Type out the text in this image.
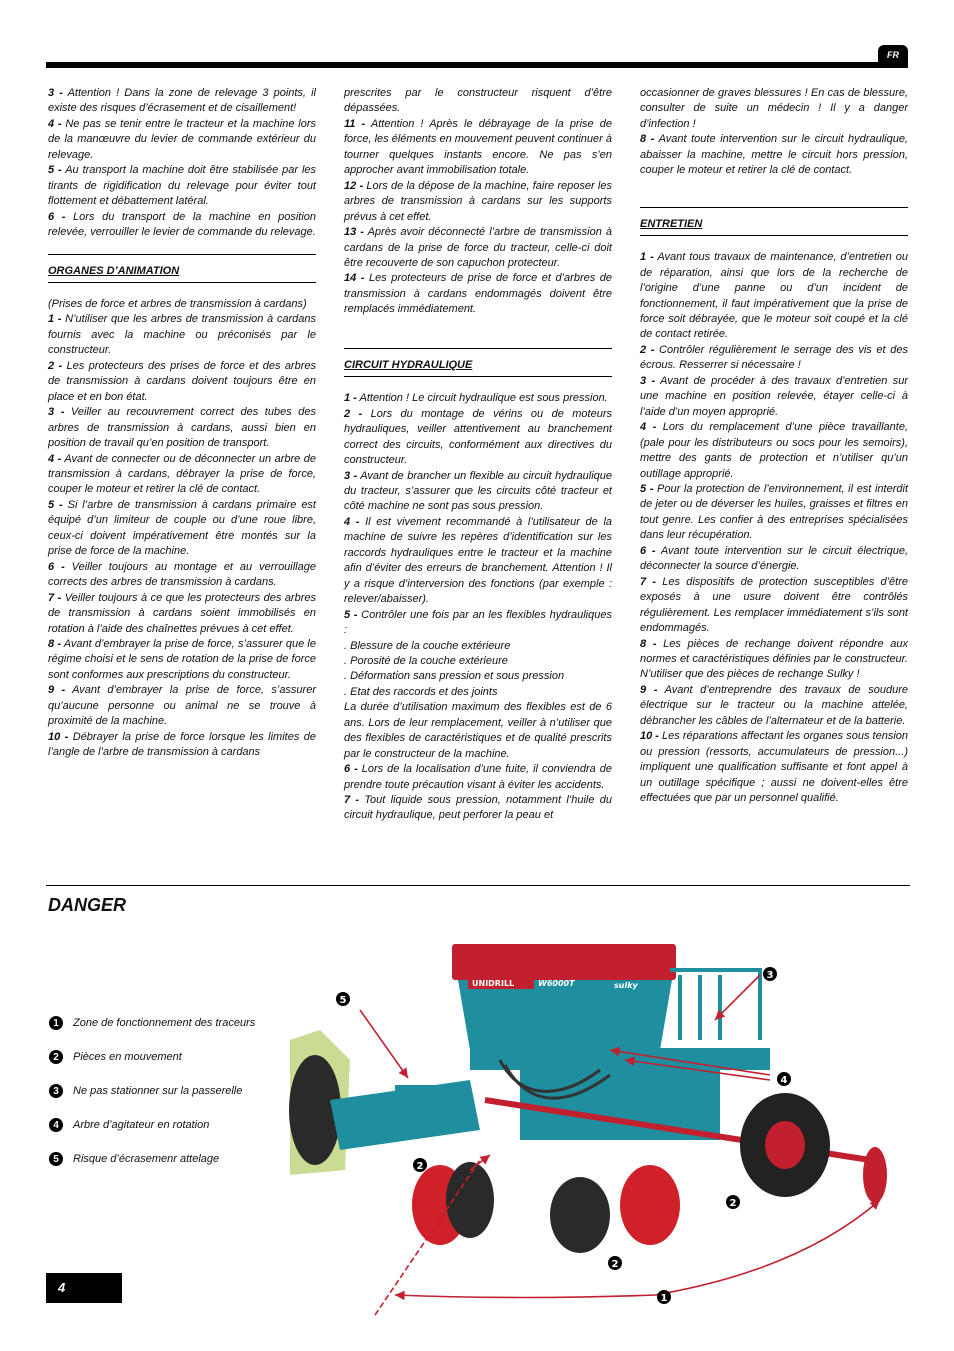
FR

3 - Attention ! Dans la zone de relevage 3 points, il existe des risques d’écrasement et de cisaillement!

4 - Ne pas se tenir entre le tracteur et la machine lors de la manœuvre du levier de commande extérieur du relevage.

5 - Au transport la machine doit être stabilisée par les tirants de rigidification du relevage pour éviter tout flottement et débattement latéral.

6 - Lors du transport de la machine en position relevée, verrouiller le levier de commande du relevage.

ORGANES D’ANIMATION

(Prises de force et arbres de transmission à cardans)

1 - N’utiliser que les arbres de transmission à cardans fournis avec la machine ou préconisés par le constructeur.

2 - Les protecteurs des prises de force et des arbres de transmission à cardans doivent toujours être en place et en bon état.

3 - Veiller au recouvrement correct des tubes des arbres de transmission à cardans, aussi bien en position de travail qu’en position de transport.

4 - Avant de connecter ou de déconnecter un arbre de transmission à cardans, débrayer la prise de force, couper le moteur et retirer la clé de contact.

5 - Si l’arbre de transmission à cardans primaire est équipé d’un limiteur de couple ou d’une roue libre, ceux-ci doivent impérativement être montés sur la prise de force de la machine.

6 - Veiller toujours au montage et au verrouillage corrects des arbres de transmission à cardans.

7 - Veiller toujours à ce que les protecteurs des arbres de transmission à cardans soient immobilisés en rotation à l’aide des chaînettes prévues à cet effet.

8 - Avant d’embrayer la prise de force, s’assurer que le régime choisi et le sens de rotation de la prise de force sont conformes aux prescriptions du constructeur.

9 - Avant d’embrayer la prise de force, s’assurer qu’aucune personne ou animal ne se trouve à proximité de la machine.

10 - Débrayer la prise de force lorsque les limites de l’angle de l’arbre de transmission à cardans

prescrites par le constructeur risquent d’être dépassées.

11 - Attention ! Après le débrayage de la prise de force, les éléments en mouvement peuvent continuer à tourner quelques instants encore. Ne pas s’en approcher avant immobilisation totale.

12 - Lors de la dépose de la machine, faire reposer les arbres de transmission à cardans sur les supports prévus à cet effet.

13 - Après avoir déconnecté l’arbre de transmission à cardans de la prise de force du tracteur, celle-ci doit être recouverte de son capuchon protecteur.

14 - Les protecteurs de prise de force et d’arbres de transmission à cardans endommagés doivent être remplacés immédiatement.

CIRCUIT HYDRAULIQUE

1 - Attention ! Le circuit hydraulique est sous pression.

2 - Lors du montage de vérins ou de moteurs hydrauliques, veiller attentivement au branchement correct des circuits, conformément aux directives du constructeur.

3 - Avant de brancher un flexible au circuit hydraulique du tracteur, s’assurer que les circuits côté tracteur et côté machine ne sont pas sous pression.

4 - Il est vivement recommandé à l’utilisateur de la machine de suivre les repères d’identification sur les raccords hydrauliques entre le tracteur et la machine afin d’éviter des erreurs de branchement. Attention ! Il y a risque d’interversion des fonctions (par exemple : relever/abaisser).

5 - Contrôler une fois par an les flexibles hydrauliques :

. Blessure de la couche extérieure

. Porosité de la couche extérieure

. Déformation sans pression et sous pression

. Etat des raccords et des joints

La durée d’utilisation maximum des flexibles est de 6 ans. Lors de leur remplacement, veiller à n’utiliser que des flexibles de caractéristiques et de qualité prescrits par le constructeur de la machine.

6 - Lors de la localisation d’une fuite, il conviendra de prendre toute précaution visant à éviter les accidents.

7 - Tout liquide sous pression, notamment l’huile du circuit hydraulique, peut perforer la peau et

occasionner de graves blessures ! En cas de blessure, consulter de suite un médecin ! Il y a danger d’infection !

8 - Avant toute intervention sur le circuit hydraulique, abaisser la machine, mettre le circuit hors pression, couper le moteur et retirer la clé de contact.

ENTRETIEN

1 - Avant tous travaux de maintenance, d’entretien ou de réparation, ainsi que lors de la recherche de l’origine d’une panne ou d’un incident de fonctionnement, il faut impérativement que la prise de force soit débrayée, que le moteur soit coupé et la clé de contact retirée.

2 - Contrôler régulièrement le serrage des vis et des écrous. Resserrer si nécessaire !

3 - Avant de procéder à des travaux d’entretien sur une machine en position relevée, étayer celle-ci à l’aide d’un moyen approprié.

4 - Lors du remplacement d’une pièce travaillante, (pale pour les distributeurs ou socs pour les semoirs), mettre des gants de protection et n’utiliser qu’un outillage approprié.

5 - Pour la protection de l’environnement, il est interdit de jeter ou de déverser les huiles, graisses et filtres en tout genre. Les confier à des entreprises spécialisées dans leur récupération.

6 - Avant toute intervention sur le circuit électrique, déconnecter la source d’énergie.

7 - Les dispositifs de protection susceptibles d’être exposés à une usure doivent être contrôlés régulièrement. Les remplacer immédiatement s’ils sont endommagés.

8 - Les pièces de rechange doivent répondre aux normes et caractéristiques définies par le constructeur. N’utiliser que des pièces de rechange Sulky !

9 - Avant d’entreprendre des travaux de soudure électrique sur le tracteur ou la machine attelée, débrancher les câbles de l’alternateur et de la batterie.

10 - Les réparations affectant les organes sous tension ou pression (ressorts, accumulateurs de pression...) impliquent une qualification suffisante et font appel à un outillage spécifique ; aussi ne doivent-elles être effectuées que par un personnel qualifié.

DANGER
1	Zone de fonctionnement des traceurs
2	Pièces en mouvement
3	Ne pas stationner sur la passerelle
4	Arbre d’agitateur en rotation
5	Risque d’écrasemenr attelage
UNIDRILL	W6000T	sulky
5
3
4
2
2
2
1
4
